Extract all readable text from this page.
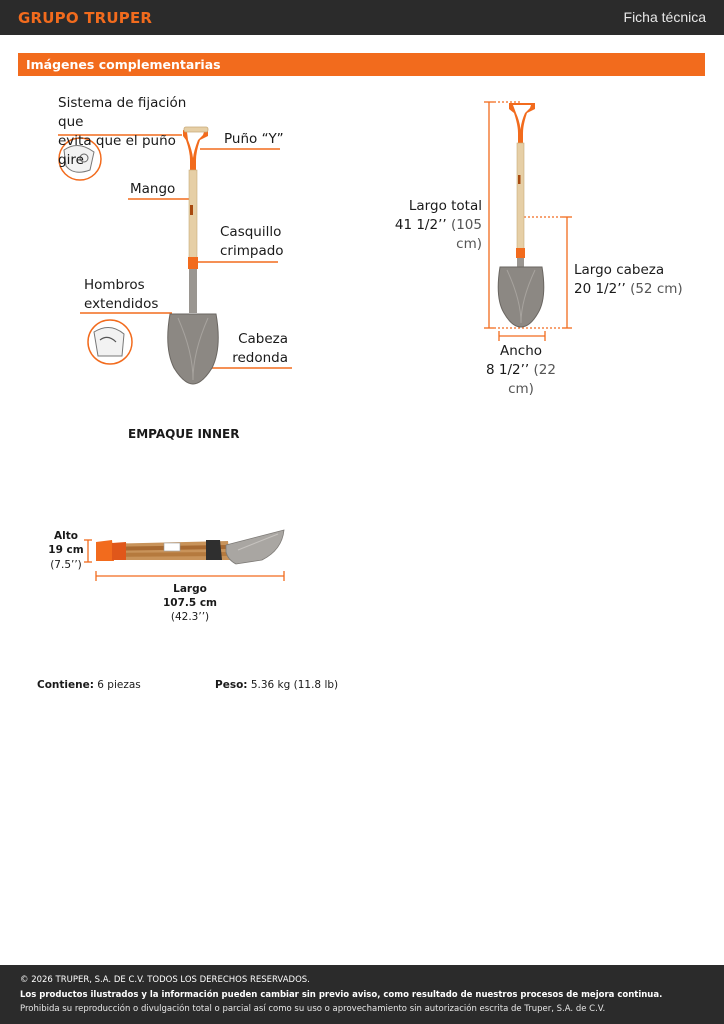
GRUPO TRUPER	Ficha técnica
Imágenes complementarias
Sistema de fijación que
evita que el puño gire
Puño “Y”
Mango
Casquillo
crimpado
Hombros
extendidos
Cabeza
redonda
Largo total
41 1/2’’ (105 cm)
Largo cabeza
20 1/2’’ (52 cm)
Ancho
8 1/2’’ (22 cm)
EMPAQUE INNER
Alto
19 cm
(7.5’’)
Largo
107.5 cm
(42.3’’)
Contiene: 6 piezas	Peso: 5.36 kg (11.8 lb)
© 2026 TRUPER, S.A. DE C.V. TODOS LOS DERECHOS RESERVADOS.
Los productos ilustrados y la información pueden cambiar sin previo aviso, como resultado de nuestros procesos de mejora continua.
Prohibida su reproducción o divulgación total o parcial así como su uso o aprovechamiento sin autorización escrita de Truper, S.A. de C.V.
